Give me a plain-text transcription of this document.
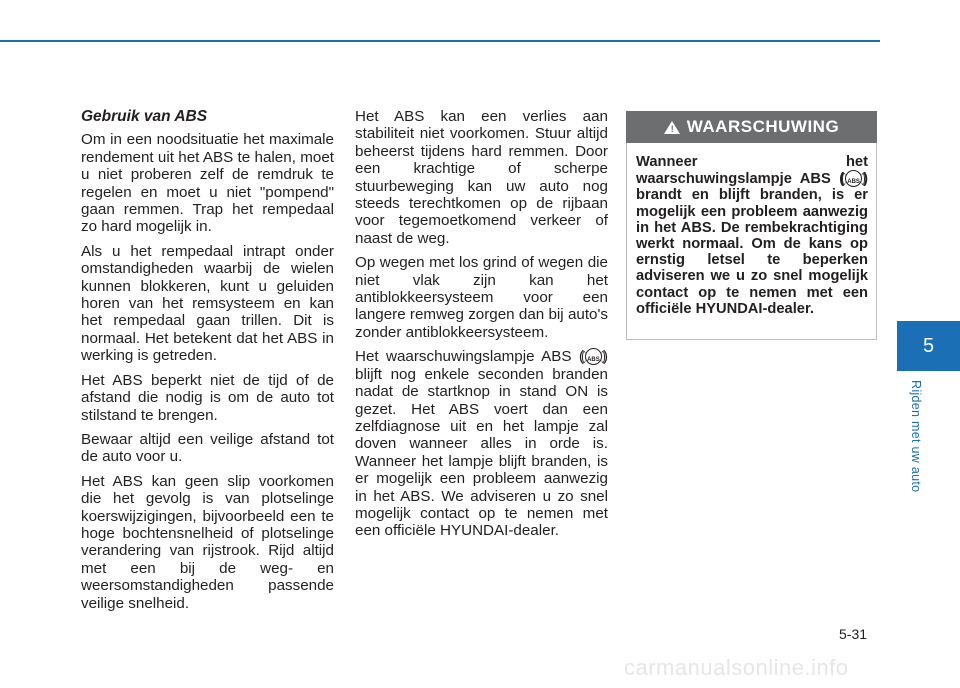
Gebruik van ABS

Om in een noodsituatie het maximale rendement uit het ABS te halen, moet u niet proberen zelf de remdruk te regelen en moet u niet "pompend" gaan remmen. Trap het rempedaal zo hard mogelijk in.

Als u het rempedaal intrapt onder omstandigheden waarbij de wielen kunnen blokkeren, kunt u geluiden horen van het remsysteem en kan het rempedaal gaan trillen. Dit is normaal. Het betekent dat het ABS in werking is getreden.

Het ABS beperkt niet de tijd of de afstand die nodig is om de auto tot stilstand te brengen.

Bewaar altijd een veilige afstand tot de auto voor u.

Het ABS kan geen slip voorkomen die het gevolg is van plotselinge koerswijzigingen, bijvoorbeeld een te hoge bochtensnelheid of plotselinge verandering van rijstrook. Rijd altijd met een bij de weg- en weersomstandigheden passende veilige snelheid.

Het ABS kan een verlies aan stabiliteit niet voorkomen. Stuur altijd beheerst tijdens hard remmen. Door een krachtige of scherpe stuurbeweging kan uw auto nog steeds terechtkomen op de rijbaan voor tegemoetkomend verkeer of naast de weg.

Op wegen met los grind of wegen die niet vlak zijn kan het antiblokkeersysteem voor een langere remweg zorgen dan bij auto's zonder antiblokkeersysteem.

Het waarschuwingslampje ABS ( ABS ) blijft nog enkele seconden branden nadat de startknop in stand ON is gezet. Het ABS voert dan een zelfdiagnose uit en het lampje zal doven wanneer alles in orde is. Wanneer het lampje blijft branden, is er mogelijk een probleem aanwezig in het ABS. We adviseren u zo snel mogelijk contact op te nemen met een officiële HYUNDAI-dealer.

! WAARSCHUWING
Wanneer het waarschuwingslampje ABS ( ABS ) brandt en blijft branden, is er mogelijk een probleem aanwezig in het ABS. De rembekrachtiging werkt normaal. Om de kans op ernstig letsel te beperken adviseren we u zo snel mogelijk contact op te nemen met een officiële HYUNDAI-dealer.
5
Rijden met uw auto
5-31
carmanualsonline.info
